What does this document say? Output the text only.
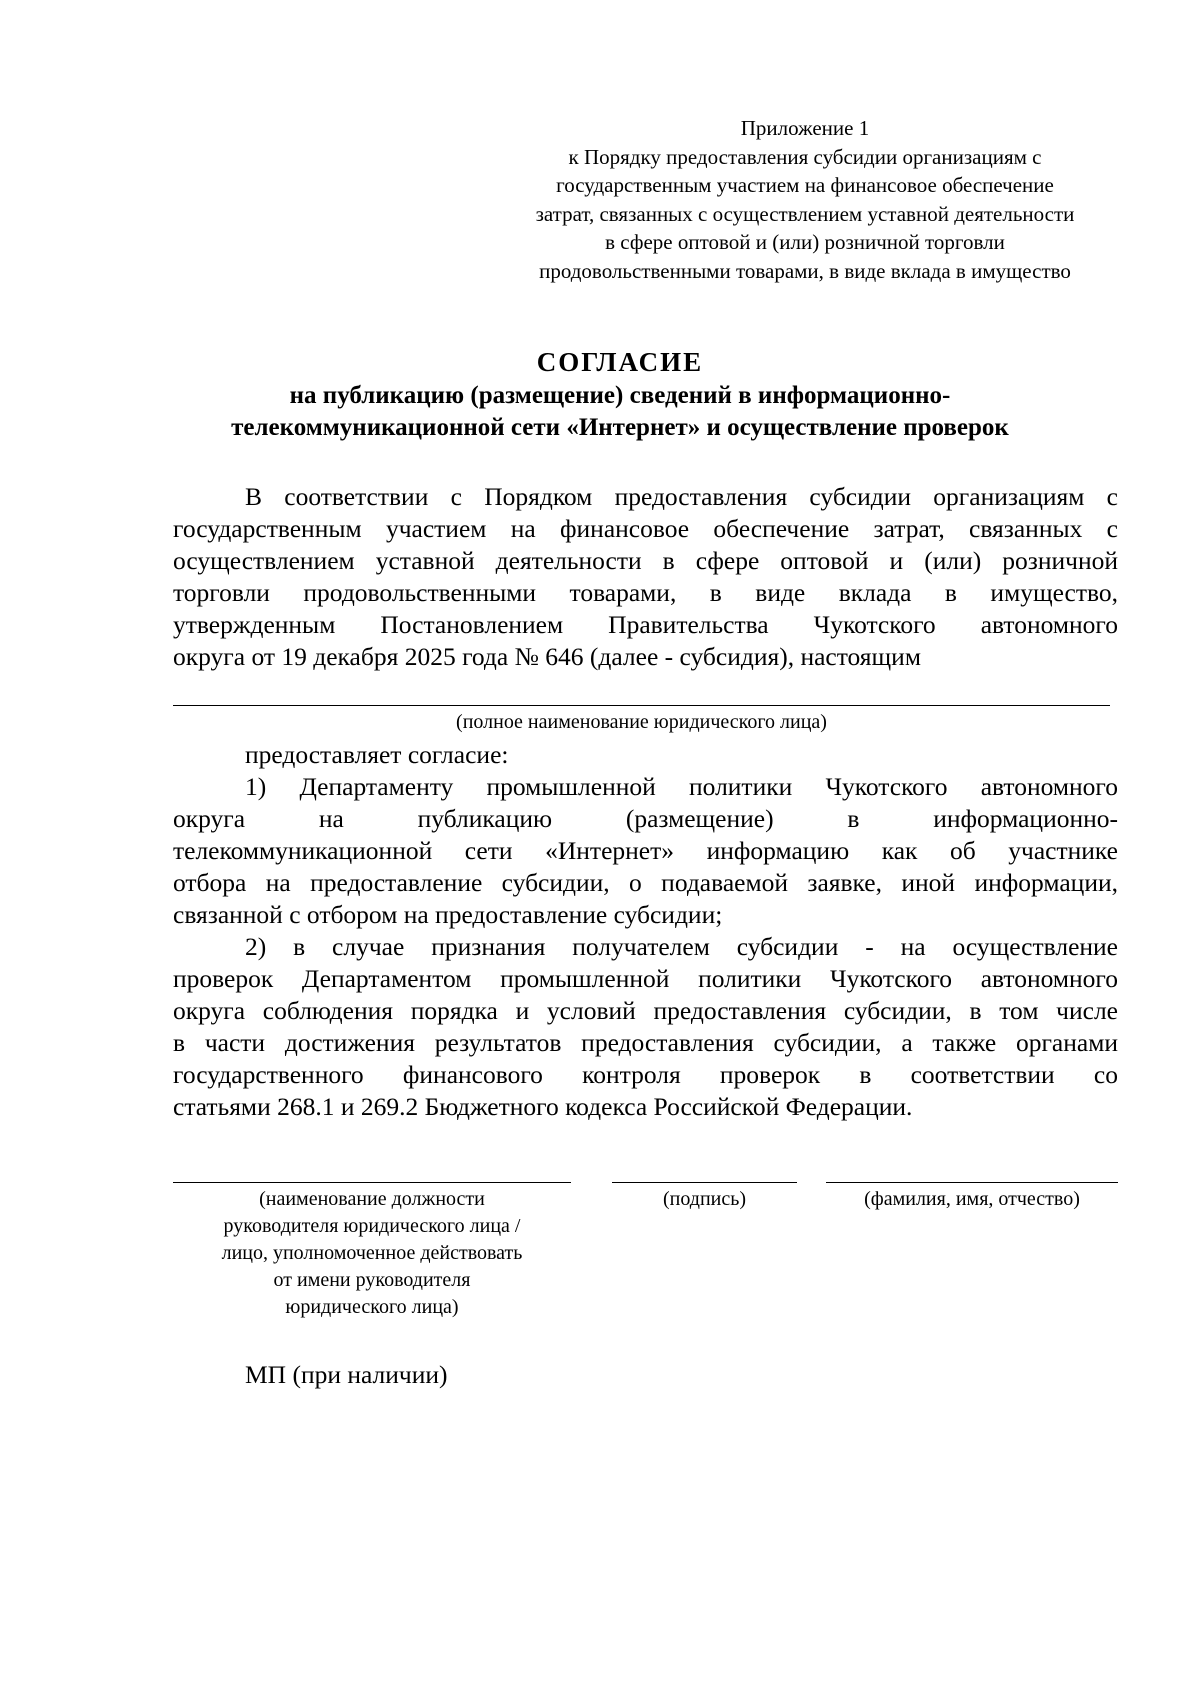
Приложение 1
к Порядку предоставления субсидии организациям с
государственным участием на финансовое обеспечение
затрат, связанных с осуществлением уставной деятельности
в сфере оптовой и (или) розничной торговли
продовольственными товарами, в виде вклада в имущество
СОГЛАСИЕ
на публикацию (размещение) сведений в информационно-
телекоммуникационной сети «Интернет» и осуществление проверок
В соответствии с Порядком предоставления субсидии организациям с
государственным участием на финансовое обеспечение затрат, связанных с
осуществлением уставной деятельности в сфере оптовой и (или) розничной
торговли продовольственными товарами, в виде вклада в имущество,
утвержденным Постановлением Правительства Чукотского автономного
округа от 19 декабря 2025 года № 646 (далее - субсидия), настоящим
(полное наименование юридического лица)
предоставляет согласие:
1) Департаменту промышленной политики Чукотского автономного
округа на публикацию (размещение) в информационно-
телекоммуникационной сети «Интернет» информацию как об участнике
отбора на предоставление субсидии, о подаваемой заявке, иной информации,
связанной с отбором на предоставление субсидии;
2) в случае признания получателем субсидии - на осуществление
проверок Департаментом промышленной политики Чукотского автономного
округа соблюдения порядка и условий предоставления субсидии, в том числе
в части достижения результатов предоставления субсидии, а также органами
государственного финансового контроля проверок в соответствии со
статьями 268.1 и 269.2 Бюджетного кодекса Российской Федерации.
(наименование должности
руководителя юридического лица /
лицо, уполномоченное действовать
от имени руководителя
юридического лица)
(подпись)	(фамилия, имя, отчество)
МП (при наличии)
